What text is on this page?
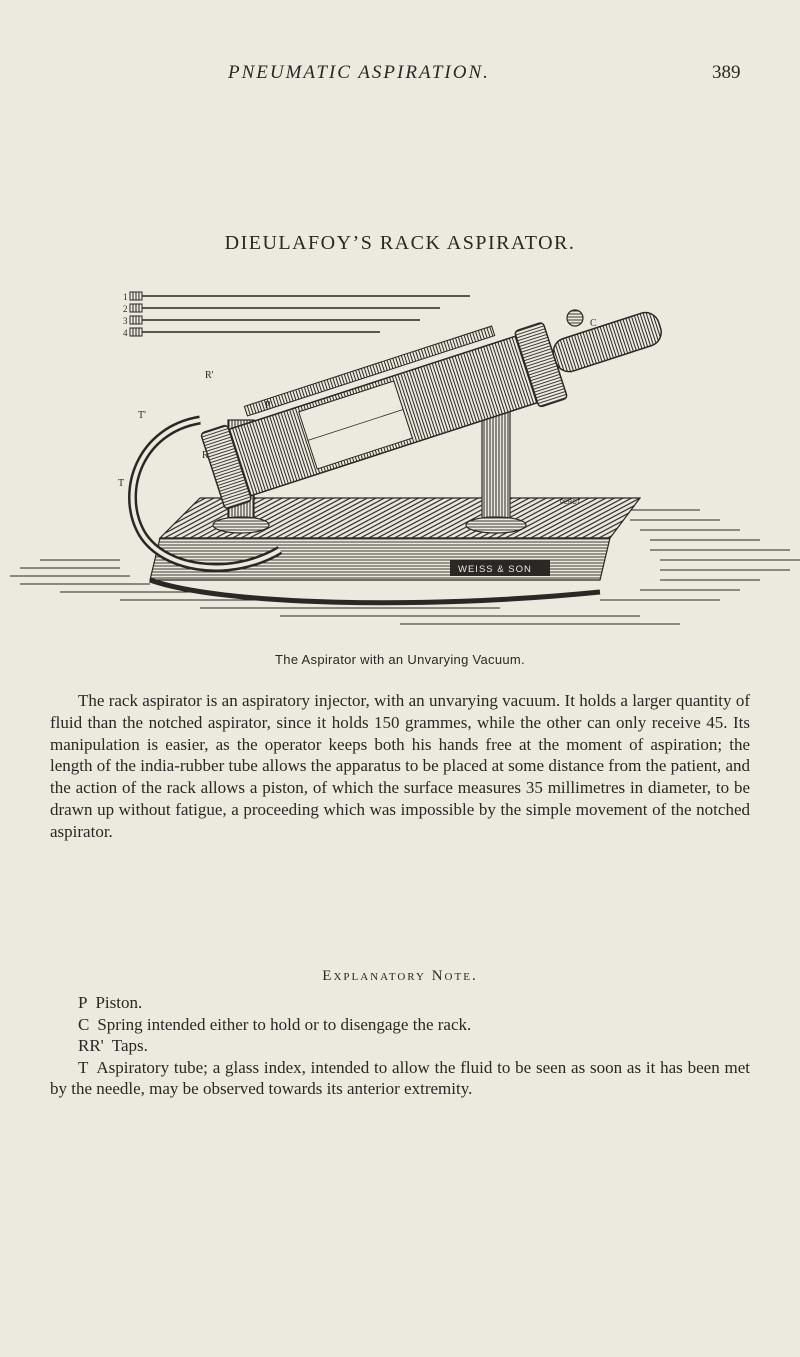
PNEUMATIC ASPIRATION.	389
DIEULAFOY’S RACK ASPIRATOR.
1
2
3
4
WEISS & SON
PERDT
C
R'
P
R
T'
T
The Aspirator with an Unvarying Vacuum.

The rack aspirator is an aspiratory injector, with an unvarying vacuum. It holds a larger quantity of fluid than the notched aspirator, since it holds 150 grammes, while the other can only receive 45. Its manipulation is easier, as the operator keeps both his hands free at the moment of aspiration; the length of the india-rubber tube allows the apparatus to be placed at some distance from the patient, and the action of the rack allows a piston, of which the surface measures 35 millimetres in diameter, to be drawn up without fatigue, a proceeding which was impossible by the simple movement of the notched aspirator.

Explanatory Note.
P Piston.
C Spring intended either to hold or to disengage the rack.
RR' Taps.
T Aspiratory tube; a glass index, intended to allow the fluid to be seen as soon as it has been met by the needle, may be observed towards its anterior extremity.
